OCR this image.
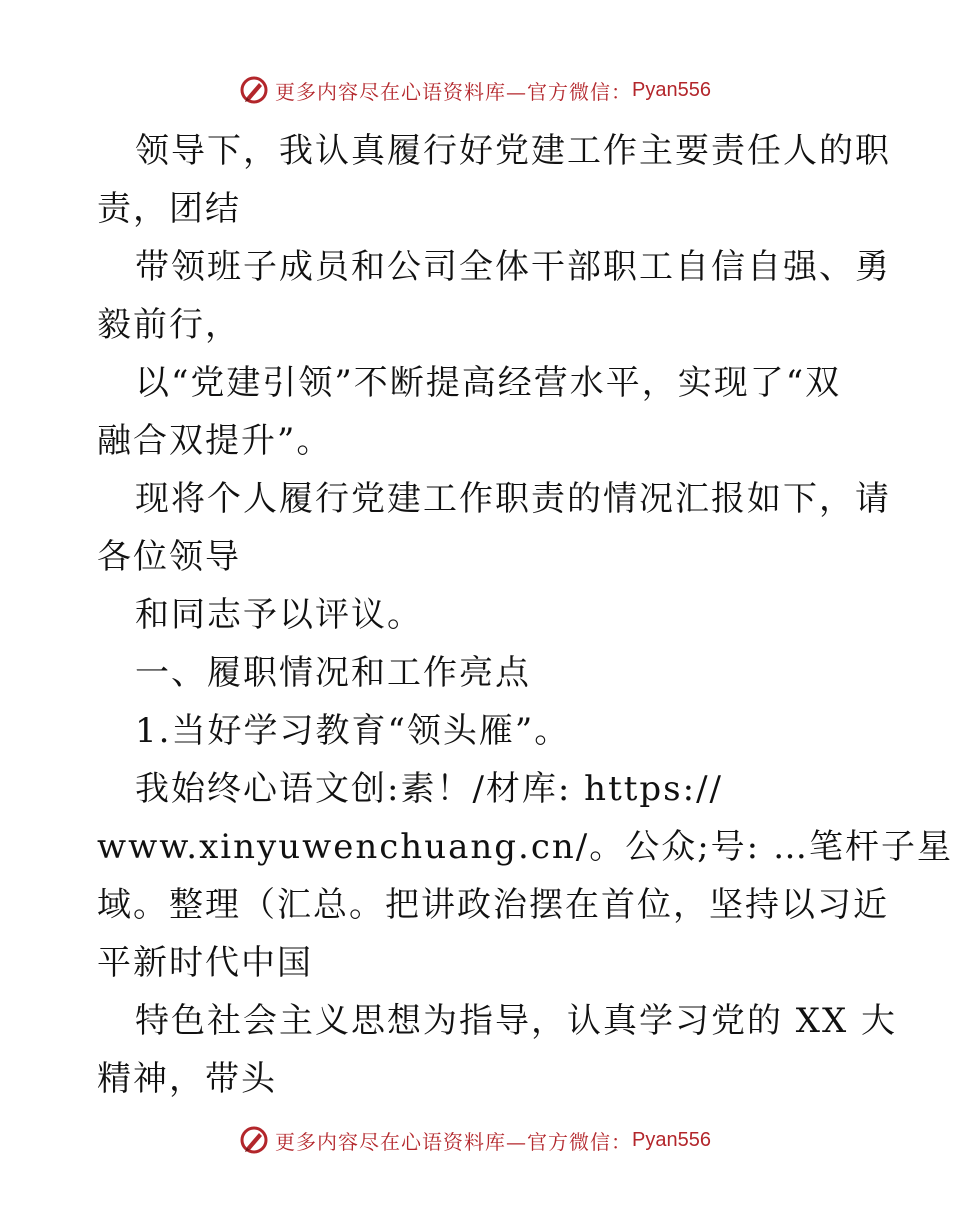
更多内容尽在心语资料库—官方微信： Pyan556
领导下，我认真履行好党建工作主要责任人的职
责，团结
带领班子成员和公司全体干部职工自信自强、勇
毅前行，
以“党建引领”不断提高经营水平，实现了“双
融合双提升”。
现将个人履行党建工作职责的情况汇报如下，请
各位领导
和同志予以评议。
一、履职情况和工作亮点
1.当好学习教育“领头雁”。
我始终心语文创:素！/材库: https://
www.xinyuwenchuang.cn/。公众;号: …笔杆子星
域。整理（汇总。把讲政治摆在首位，坚持以习近
平新时代中国
特色社会主义思想为指导，认真学习党的 XX 大
精神，带头
更多内容尽在心语资料库—官方微信： Pyan556
